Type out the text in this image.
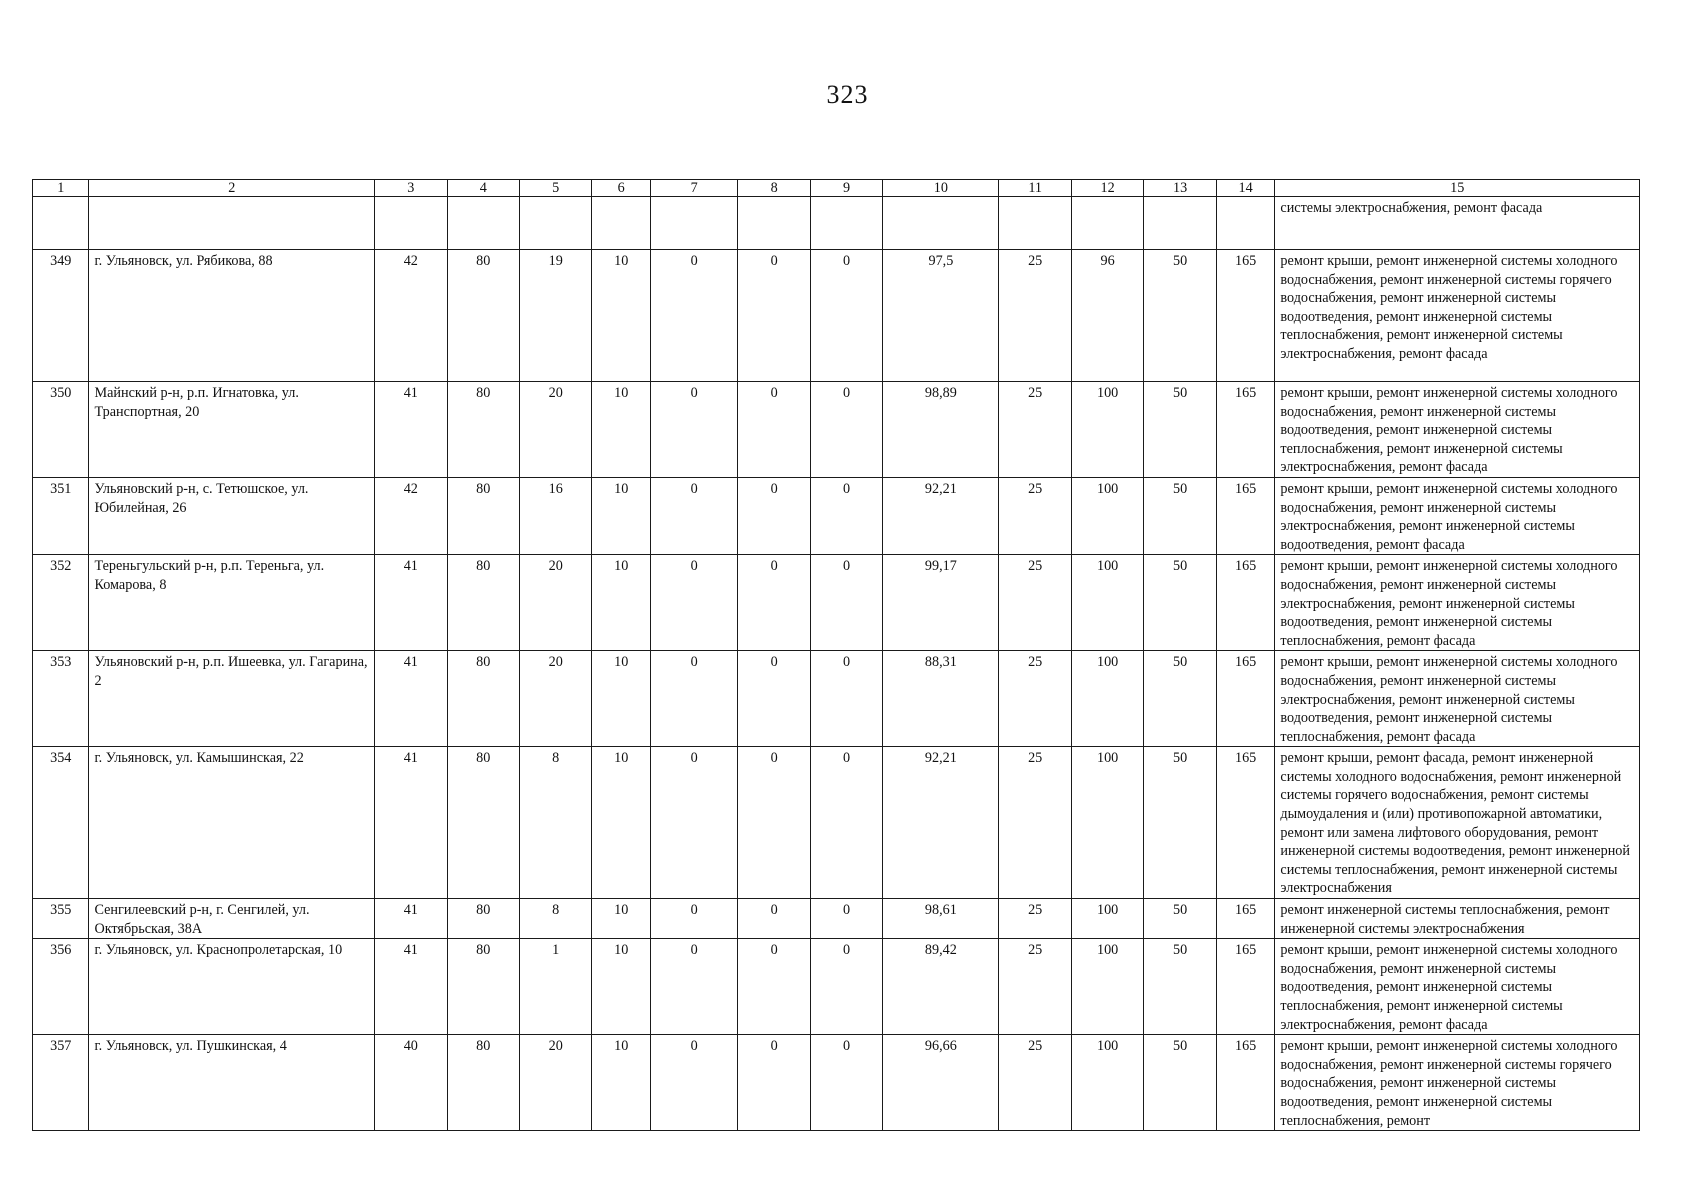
323
1	2	3	4	5	6	7	8	9	10	11	12	13	14	15
														системы электроснабжения, ремонт фасада
349	г. Ульяновск, ул. Рябикова, 88	42	80	19	10	0	0	0	97,5	25	96	50	165	ремонт крыши, ремонт инженерной системы холодного водоснабжения, ремонт инженерной системы горячего водоснабжения, ремонт инженерной системы водоотведения, ремонт инженерной системы теплоснабжения, ремонт инженерной системы электроснабжения, ремонт фасада
350	Майнский р-н, р.п. Игнатовка, ул. Транспортная, 20	41	80	20	10	0	0	0	98,89	25	100	50	165	ремонт крыши, ремонт инженерной системы холодного водоснабжения, ремонт инженерной системы водоотведения, ремонт инженерной системы теплоснабжения, ремонт инженерной системы электроснабжения, ремонт фасада
351	Ульяновский р-н, с. Тетюшское, ул. Юбилейная, 26	42	80	16	10	0	0	0	92,21	25	100	50	165	ремонт крыши, ремонт инженерной системы холодного водоснабжения, ремонт инженерной системы электроснабжения, ремонт инженерной системы водоотведения, ремонт фасада
352	Тереньгульский р-н, р.п. Тереньга, ул. Комарова, 8	41	80	20	10	0	0	0	99,17	25	100	50	165	ремонт крыши, ремонт инженерной системы холодного водоснабжения, ремонт инженерной системы электроснабжения, ремонт инженерной системы водоотведения, ремонт инженерной системы теплоснабжения, ремонт фасада
353	Ульяновский р-н, р.п. Ишеевка, ул. Гагарина, 2	41	80	20	10	0	0	0	88,31	25	100	50	165	ремонт крыши, ремонт инженерной системы холодного водоснабжения, ремонт инженерной системы электроснабжения, ремонт инженерной системы водоотведения, ремонт инженерной системы теплоснабжения, ремонт фасада
354	г. Ульяновск, ул. Камышинская, 22	41	80	8	10	0	0	0	92,21	25	100	50	165	ремонт крыши, ремонт фасада, ремонт инженерной системы холодного водоснабжения, ремонт инженерной системы горячего водоснабжения, ремонт системы дымоудаления и (или) противопожарной автоматики, ремонт или замена лифтового оборудования, ремонт инженерной системы водоотведения, ремонт инженерной системы теплоснабжения, ремонт инженерной системы электроснабжения
355	Сенгилеевский р-н, г. Сенгилей, ул. Октябрьская, 38А	41	80	8	10	0	0	0	98,61	25	100	50	165	ремонт инженерной системы теплоснабжения, ремонт инженерной системы электроснабжения
356	г. Ульяновск, ул. Краснопролетарская, 10	41	80	1	10	0	0	0	89,42	25	100	50	165	ремонт крыши, ремонт инженерной системы холодного водоснабжения, ремонт инженерной системы водоотведения, ремонт инженерной системы теплоснабжения, ремонт инженерной системы электроснабжения, ремонт фасада
357	г. Ульяновск, ул. Пушкинская, 4	40	80	20	10	0	0	0	96,66	25	100	50	165	ремонт крыши, ремонт инженерной системы холодного водоснабжения, ремонт инженерной системы горячего водоснабжения, ремонт инженерной системы водоотведения, ремонт инженерной системы теплоснабжения, ремонт
